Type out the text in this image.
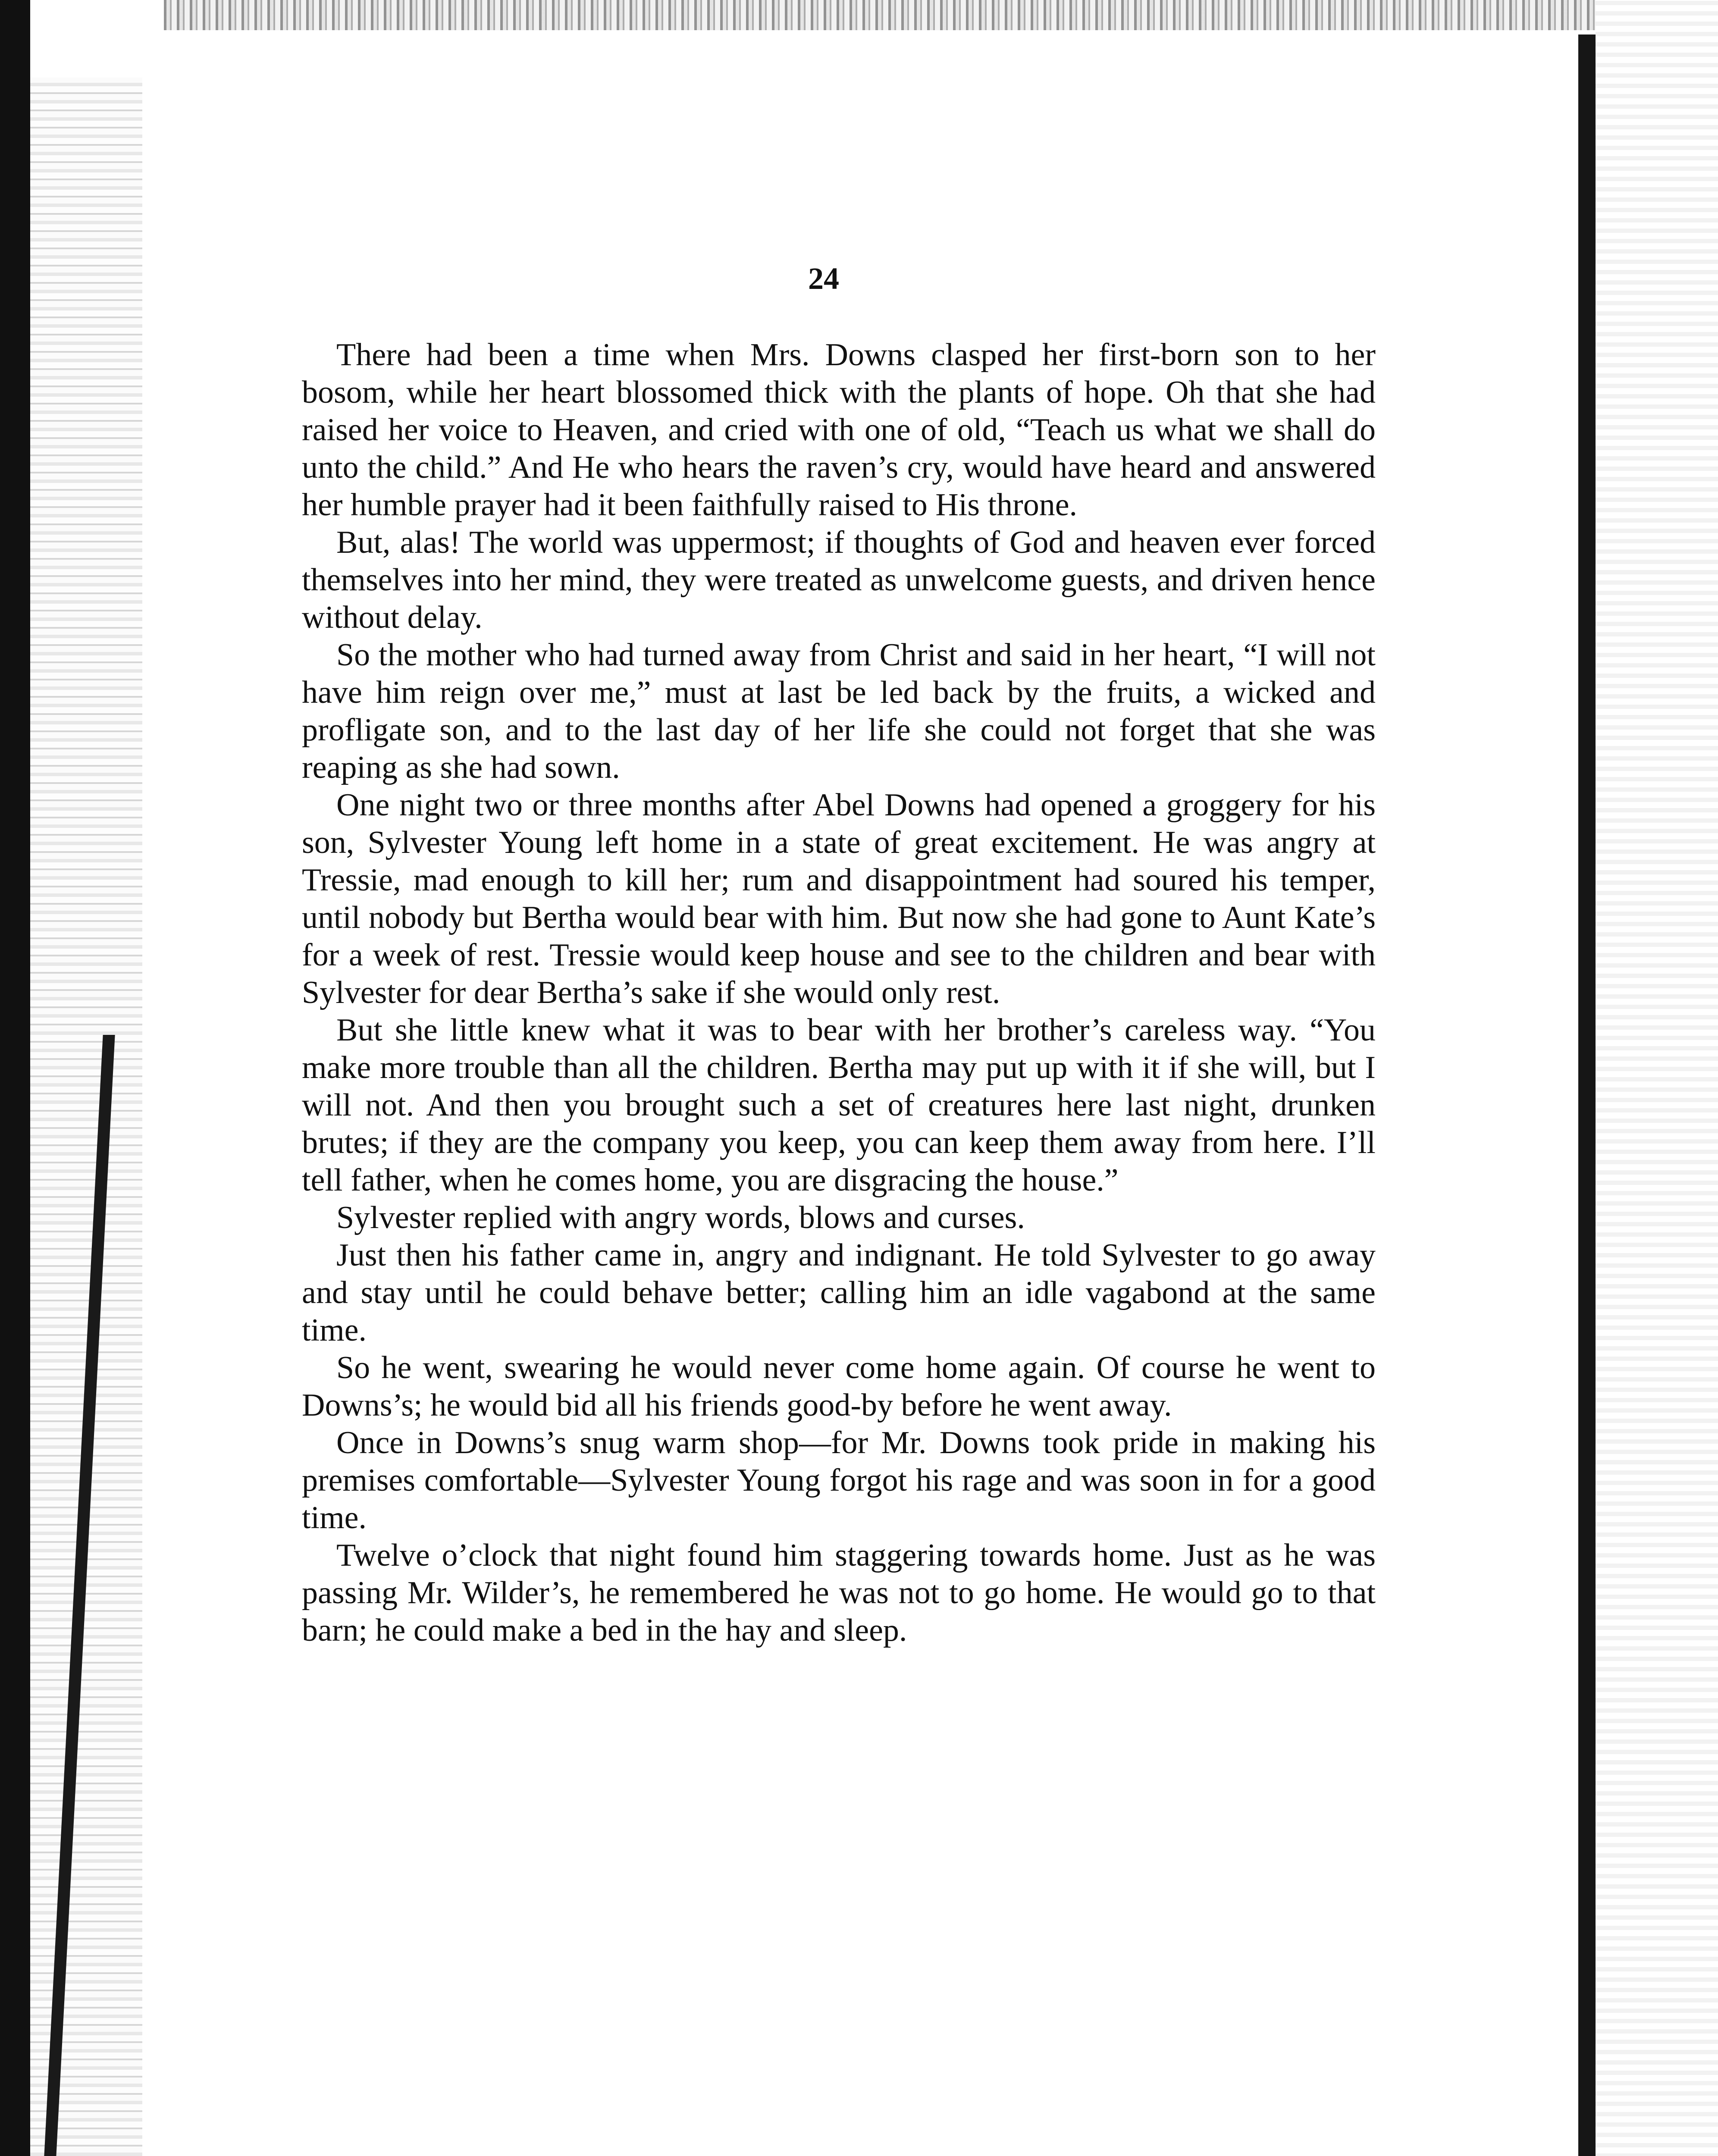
24

There had been a time when Mrs. Downs clasped her first-born son to her bosom, while her heart blossomed thick with the plants of hope. Oh that she had raised her voice to Heaven, and cried with one of old, “Teach us what we shall do unto the child.” And He who hears the raven’s cry, would have heard and answered her humble prayer had it been faithfully raised to His throne.

But, alas! The world was uppermost; if thoughts of God and heaven ever forced themselves into her mind, they were treated as unwelcome guests, and driven hence without delay.

So the mother who had turned away from Christ and said in her heart, “I will not have him reign over me,” must at last be led back by the fruits, a wicked and profligate son, and to the last day of her life she could not forget that she was reaping as she had sown.

One night two or three months after Abel Downs had opened a groggery for his son, Sylvester Young left home in a state of great excitement. He was angry at Tressie, mad enough to kill her; rum and disappointment had soured his temper, until nobody but Bertha would bear with him. But now she had gone to Aunt Kate’s for a week of rest. Tressie would keep house and see to the children and bear with Sylvester for dear Bertha’s sake if she would only rest.

But she little knew what it was to bear with her brother’s careless way. “You make more trouble than all the children. Bertha may put up with it if she will, but I will not. And then you brought such a set of creatures here last night, drunken brutes; if they are the company you keep, you can keep them away from here. I’ll tell father, when he comes home, you are disgracing the house.”

Sylvester replied with angry words, blows and curses.

Just then his father came in, angry and indignant. He told Sylvester to go away and stay until he could behave better; calling him an idle vagabond at the same time.

So he went, swearing he would never come home again. Of course he went to Downs’s; he would bid all his friends good-by before he went away.

Once in Downs’s snug warm shop—for Mr. Downs took pride in making his premises comfortable—Sylvester Young forgot his rage and was soon in for a good time.

Twelve o’clock that night found him staggering towards home. Just as he was passing Mr. Wilder’s, he remembered he was not to go home. He would go to that barn; he could make a bed in the hay and sleep.
